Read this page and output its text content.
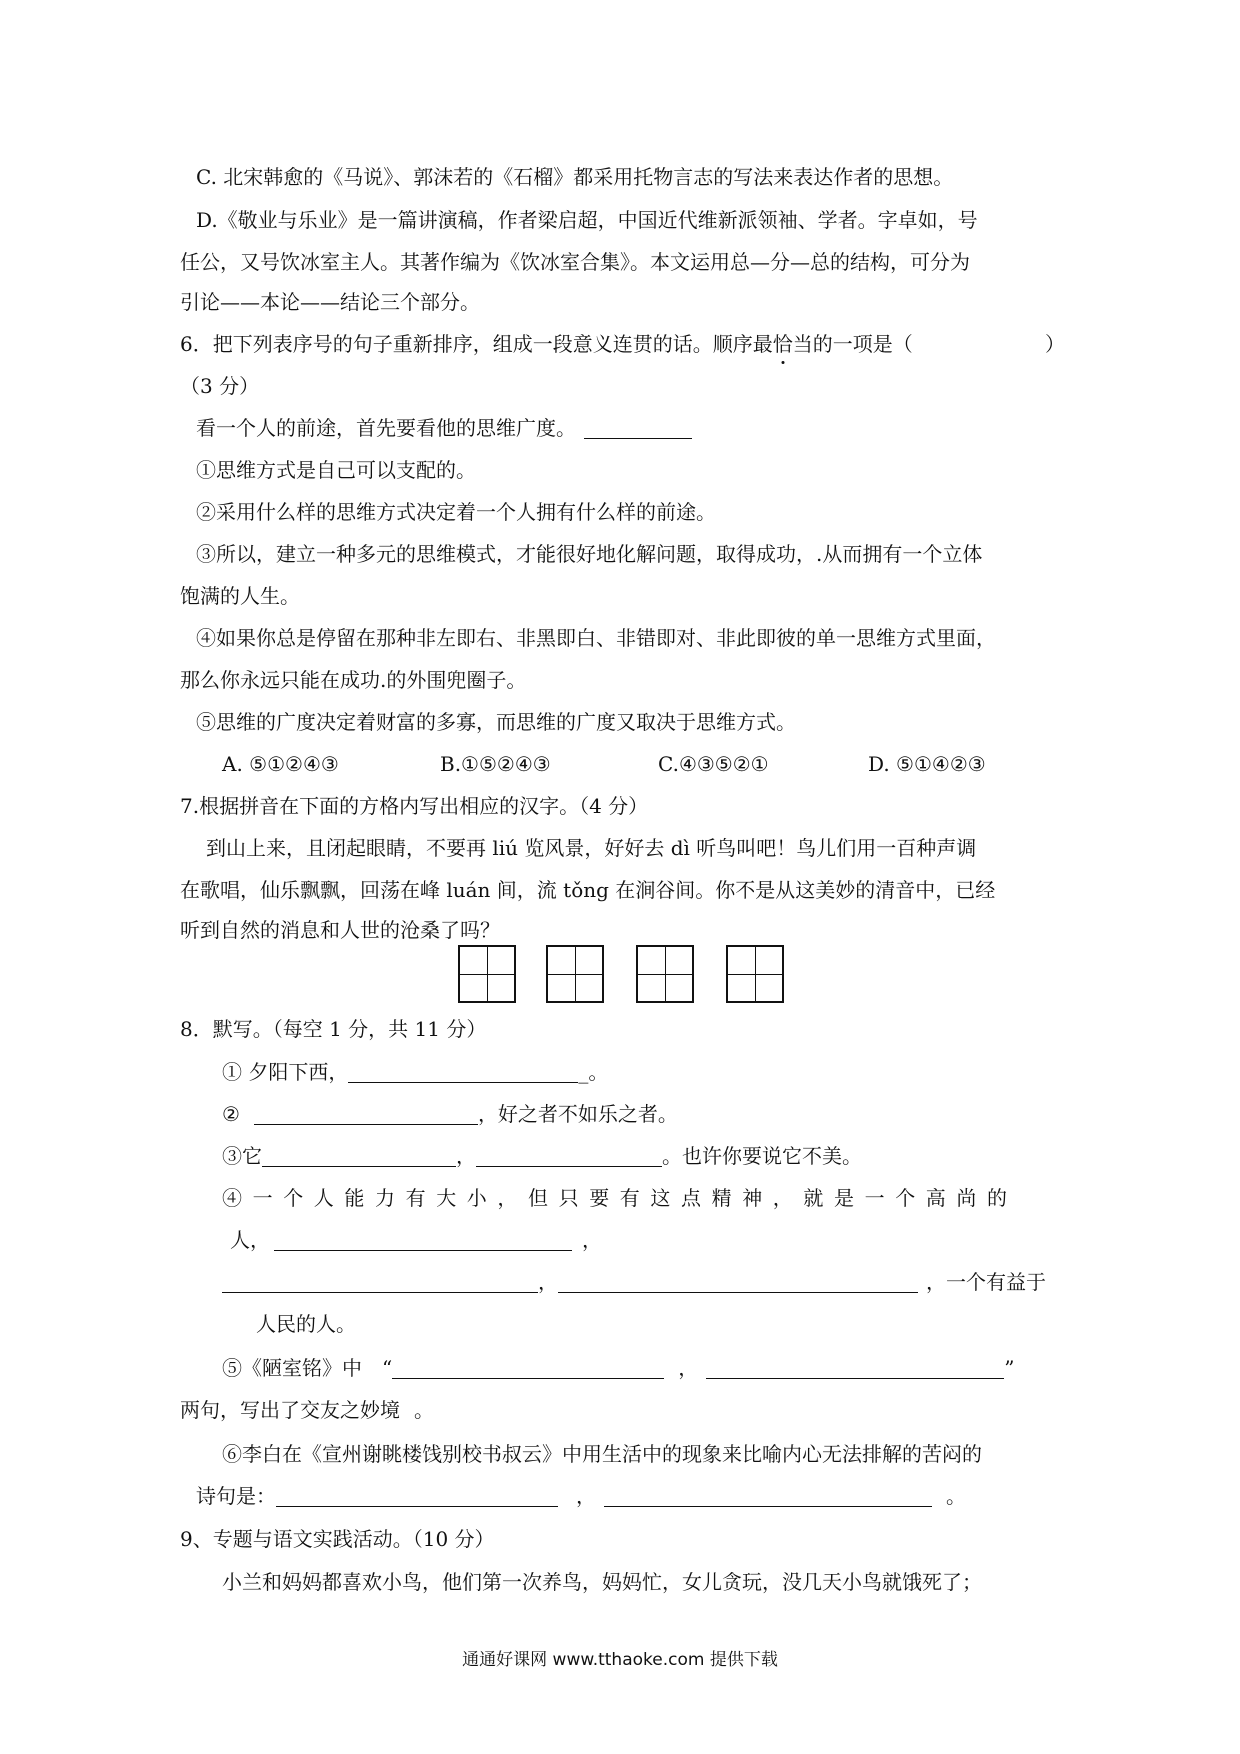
C. 北宋韩愈的《马说》、郭沫若的《石榴》都采用托物言志的写法来表达作者的思想。
D.《敬业与乐业》是一篇讲演稿，作者梁启超，中国近代维新派领袖、学者。字卓如，号
任公，又号饮冰室主人。其著作编为《饮冰室合集》。本文运用总—分—总的结构，可分为
引论——本论——结论三个部分。
6．把下列表序号的句子重新排序，组成一段意义连贯的话。顺序最恰当的一项是（	）
（3 分）
看一个人的前途，首先要看他的思维广度。
①思维方式是自己可以支配的。
②采用什么样的思维方式决定着一个人拥有什么样的前途。
③所以，建立一种多元的思维模式，才能很好地化解问题，取得成功，.从而拥有一个立体
饱满的人生。
④如果你总是停留在那种非左即右、非黑即白、非错即对、非此即彼的单一思维方式里面，
那么你永远只能在成功.的外围兜圈子。
⑤思维的广度决定着财富的多寡，而思维的广度又取决于思维方式。
A. ⑤①②④③	B.①⑤②④③	C.④③⑤②①	D. ⑤①④②③
7.根据拼音在下面的方格内写出相应的汉字。（4 分）
到山上来，且闭起眼睛，不要再 liú 览风景，好好去 dì 听鸟叫吧！鸟儿们用一百种声调
在歌唱，仙乐飘飘，回荡在峰 luán 间，流 tǒng 在涧谷间。你不是从这美妙的清音中，已经
听到自然的消息和人世的沧桑了吗？
8．默写。（每空 1 分，共 11 分）
① 夕阳下西，	_。
②	，好之者不如乐之者。
③它	，	。也许你要说它不美。
④一个人能力有大小，但只要有这点精神，就是一个高尚的
人，	，
，	，一个有益于
人民的人。
⑤《陋室铭》中 “	，	”
两句，写出了交友之妙境 。
⑥李白在《宣州谢眺楼饯别校书叔云》中用生活中的现象来比喻内心无法排解的苦闷的
诗句是：	，	。
9、专题与语文实践活动。（10 分）
小兰和妈妈都喜欢小鸟，他们第一次养鸟，妈妈忙，女儿贪玩，没几天小鸟就饿死了；
通通好课网 www.tthaoke.com 提供下载
